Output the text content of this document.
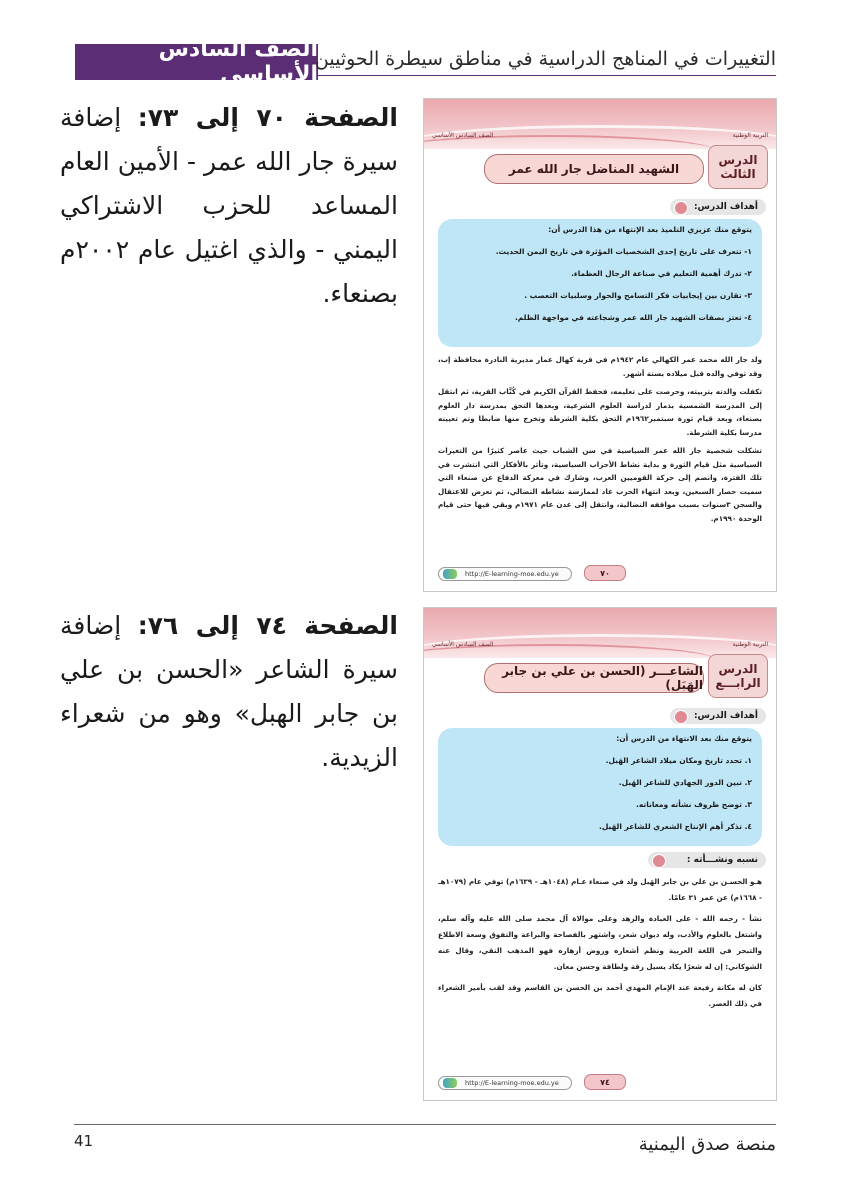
الصف السادس الأساسي
التغييرات في المناهج الدراسية في مناطق سيطرة الحوثيين
الصفحة ٧٠ إلى ٧٣: إضافة سيرة جار الله عمر - الأمين العام المساعد للحزب الاشتراكي اليمني - والذي اغتيل عام ٢٠٠٢م بصنعاء.
الصفحة ٧٤ إلى ٧٦: إضافة سيرة الشاعر «الحسن بن علي بن جابر الهبل» وهو من شعراء الزيدية.
التربية الوطنية
الصف السادس الأساسي
الدرس
الثالث
الشهيد المناضل جار الله عمر
أهداف الدرس:

يتوقع منك عزيزي التلميذ بعد الإنتهاء من هذا الدرس أن:

١- تتعرف على تاريخ إحدى الشخصيات المؤثرة في تاريخ اليمن الحديث.

٢- تدرك أهمية التعليم في صناعة الرجال العظماء.

٣- تقارن بين إيجابيات فكر التسامح والحوار وسلبيات التعصب .

٤- تعتز بصفات الشهيد جار الله عمر وشجاعته في مواجهة الظلم.

ولد جار الله محمد عمر الكهالي عام ١٩٤٢م في قرية كهال عمار مديرية النادرة محافظة إب، وقد توفي والده قبل ميلاده بستة أشهر.

تكفلت والدته بتربيته، وحرصت على تعليمه، فحفظ القرآن الكريم في كُتَّاب القرية، ثم انتقل إلى المدرسة الشمسية بذمار لدراسة العلوم الشرعية، وبعدها التحق بمدرسة دار العلوم بصنعاء، وبعد قيام ثورة سبتمبر١٩٦٢م التحق بكلية الشرطة وتخرج منها ضابطا وتم تعيينه مدرسا بكلية الشرطة.

تشكلت شخصية جار الله عمر السياسية في سن الشباب حيث عاصر كثيرًا من التغيرات السياسية مثل قيام الثورة و بداية نشاط الأحزاب السياسية، وتأثر بالأفكار التي انتشرت في تلك الفترة، وانضم إلى حركة القوميين العرب، وشارك في معركة الدفاع عن صنعاء التي سميت حصار السبعين، وبعد انتهاء الحرب عاد لممارسة نشاطه النضالي، ثم تعرض للاعتقال والسجن ٣سنوات بسبب مواقفه النضالية، وانتقل إلى عدن عام ١٩٧١م وبقي فيها حتى قيام الوحدة ١٩٩٠م.

٧٠
http://E-learning-moe.edu.ye
التربية الوطنية
الصف السادس الأساسي
الدرس
الرابـــع
الشاعـــر (الحسن بن علي بن جابر الهَبَل)
أهداف الدرس:

يتوقع منك بعد الانتهاء من الدرس أن:

١. تحدد تاريخ ومكان ميلاد الشاعر الهَبل.

٢. تبين الدور الجهادي للشاعر الهَبل.

٣. توضح ظروف نشأته ومعاناته.

٤. تذكر أهم الإنتاج الشعري للشاعر الهَبل.

نسبه ونشـــأته :

هـو الحسـن بن علي بن جابر الهَبل ولد في صنعاء عـام (١٠٤٨هـ - ١٦٣٩م) توفي عام (١٠٧٩هـ - ١٦٦٨م) عن عمر ٣١ عامًا.

نشأ - رحمه الله - على العبادة والزهد وعلى موالاة آل محمد صلى الله عليه وآله سلم، واشتغل بالعلوم والأدب، وله ديوان شعر، واشتهر بالفصاحة والبراعة والتفوق وسعة الاطلاع والتبحر في اللغة العربية ونظم أشعاره وروض أزهاره فهو المذهب النقي، وقال عنه الشوكاني: إن له شعرًا يكاد يسيل رقة ولطافة وحسن معان.

كان له مكانة رفيعة عند الإمام المهدي أحمد بن الحسن بن القاسم وقد لقب بأمير الشعراء في ذلك العصر.

٧٤
http://E-learning-moe.edu.ye
41	منصة صدق اليمنية
